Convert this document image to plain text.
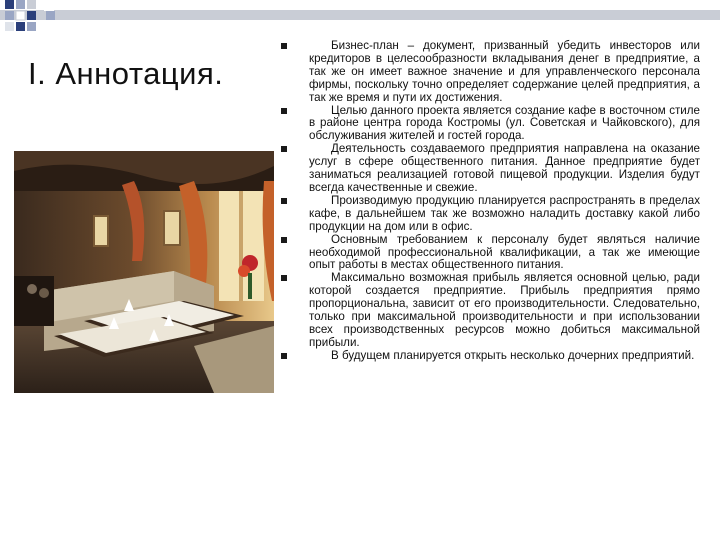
I. Аннотация.
Бизнес-план – документ, призванный убедить инвесторов или кредиторов в целесообразности вкладывания денег в предприятие, а так же он имеет важное значение и для управленческого персонала фирмы, поскольку точно определяет содержание целей предприятия, а так же время и пути их достижения.
Целью данного проекта является создание кафе в восточном стиле в районе центра города Костромы (ул. Советская и Чайковского), для обслуживания жителей и гостей города.
Деятельность создаваемого предприятия направлена на оказание услуг в сфере общественного питания. Данное предприятие будет заниматься реализацией готовой пищевой продукции. Изделия будут всегда качественные и свежие.
Производимую продукцию планируется распространять в пределах кафе, в дальнейшем так же возможно наладить доставку какой либо продукции на дом или в офис.
Основным требованием к персоналу будет являться наличие необходимой профессиональной квалификации, а так же имеющие опыт работы в местах общественного питания.
Максимально возможная прибыль является основной целью, ради которой создается предприятие. Прибыль предприятия прямо пропорциональна, зависит от его производительности. Следовательно, только при максимальной производительности и при использовании всех производственных ресурсов можно добиться максимальной прибыли.
В будущем планируется открыть несколько дочерних предприятий.
